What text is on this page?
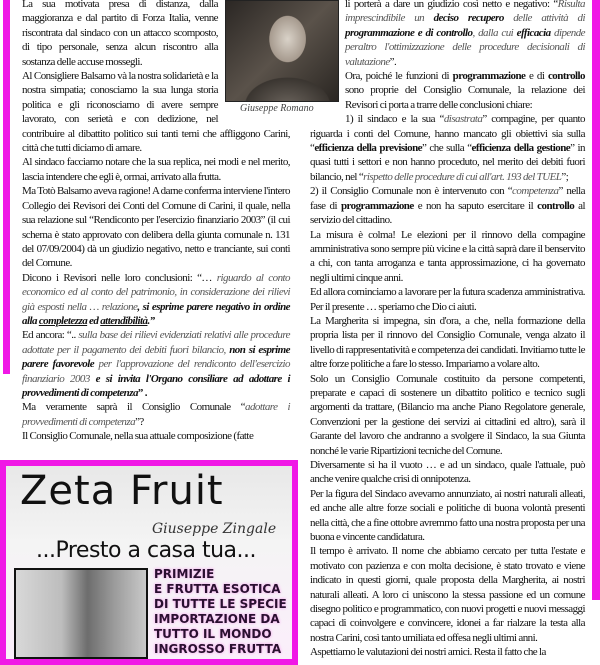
La sua motivata presa di distanza, dalla maggioranza e dal partito di Forza Italia, venne riscontrata dal sindaco con un attacco scomposto, di tipo personale, senza alcun riscontro alla sostanza delle accuse mossegli.

Al Consigliere Balsamo và la nostra solidarietà e la nostra simpatia; conosciamo la sua lunga storia politica e gli riconosciamo di avere sempre lavorato, con serietà e con dedizione, nel contribuire al dibattito politico sui tanti temi che affliggono Carini, città che tutti diciamo di amare.

Al sindaco facciamo notare che la sua replica, nei modi e nel merito, lascia intendere che egli è, ormai, arrivato alla frutta.

Ma Totò Balsamo aveva ragione! A darne conferma interviene l'intero Collegio dei Revisori dei Conti del Comune di Carini, il quale, nella sua relazione sul “Rendiconto per l'esercizio finanziario 2003” (il cui schema è stato approvato con delibera della giunta comunale n. 131 del 07/09/2004) dà un giudizio negativo, netto e tranciante, sui conti del Comune.

Dicono i Revisori nelle loro conclusioni: “… riguardo al conto economico ed al conto del patrimonio, in considerazione dei rilievi già esposti nella … relazione, si esprime parere negativo in ordine alla completezza ed attendibilità.”

Ed ancora: “.. sulla base dei rilievi evidenziati relativi alle procedure adottate per il pagamento dei debiti fuori bilancio, non si esprime parere favorevole per l'approvazione del rendiconto dell'esercizio finanziario 2003 e si invita l'Organo consiliare ad adottare i provvedimenti di competenza” .

Ma veramente saprà il Consiglio Comunale “adottare i provvedimenti di competenza”?

Il Consiglio Comunale, nella sua attuale composizione (fatte

Zeta Fruit
Giuseppe Zingale
...Presto a casa tua...
PRIMIZIE
E FRUTTA ESOTICA
DI TUTTE LE SPECIE
IMPORTAZIONE DA
TUTTO IL MONDO
INGROSSO FRUTTA

li porterà a dare un giudizio così netto e negativo: “Risulta imprescindibile un deciso recupero delle attività di programmazione e di controllo, dalla cui efficacia dipende peraltro l'ottimizzazione delle procedure decisionali di valutazione”.

Ora, poiché le funzioni di programmazione e di controllo sono proprie del Consiglio Comunale, la relazione dei Revisori ci porta a trarre delle conclusioni chiare:

1) il sindaco e la sua “disastrata” compagine, per quanto riguarda i conti del Comune, hanno mancato gli obiettivi sia sulla “efficienza della previsione” che sulla “efficienza della gestione” in quasi tutti i settori e non hanno proceduto, nel merito dei debiti fuori bilancio, nel “rispetto delle procedure di cui all'art. 193 del TUEL”;

2) il Consiglio Comunale non è intervenuto con “competenza” nella fase di programmazione e non ha saputo esercitare il controllo al servizio del cittadino.

La misura è colma! Le elezioni per il rinnovo della compagine amministrativa sono sempre più vicine e la città saprà dare il benservito a chi, con tanta arroganza e tanta approssimazione, ci ha governato negli ultimi cinque anni.

Ed allora cominciamo a lavorare per la futura scadenza amministrativa. Per il presente … speriamo che Dio ci aiuti.

La Margherita si impegna, sin d'ora, a che, nella formazione della propria lista per il rinnovo del Consiglio Comunale, venga alzato il livello di rappresentatività e competenza dei candidati. Invitiamo tutte le altre forze politiche a fare lo stesso. Impariamo a volare alto.

Solo un Consiglio Comunale costituito da persone competenti, preparate e capaci di sostenere un dibattito politico e tecnico sugli argomenti da trattare, (Bilancio ma anche Piano Regolatore generale, Convenzioni per la gestione dei servizi ai cittadini ed altro), sarà il Garante del lavoro che andranno a svolgere il Sindaco, la sua Giunta nonché le varie Ripartizioni tecniche del Comune.

Diversamente si ha il vuoto … e ad un sindaco, quale l'attuale, può anche venire qualche crisi di onnipotenza.

Per la figura del Sindaco avevamo annunziato, ai nostri naturali alleati, ed anche alle altre forze sociali e politiche di buona volontà presenti nella città, che a fine ottobre avremmo fatto una nostra proposta per una buona e vincente candidatura.

Il tempo è arrivato. Il nome che abbiamo cercato per tutta l'estate e motivato con pazienza e con molta decisione, è stato trovato e viene indicato in questi giorni, quale proposta della Margherita, ai nostri naturali alleati. A loro ci uniscono la stessa passione ed un comune disegno politico e programmatico, con nuovi progetti e nuovi messaggi capaci di coinvolgere e convincere, idonei a far rialzare la testa alla nostra Carini, così tanto umiliata ed offesa negli ultimi anni.

Aspettiamo le valutazioni dei nostri amici. Resta il fatto che la

Giuseppe Romano
